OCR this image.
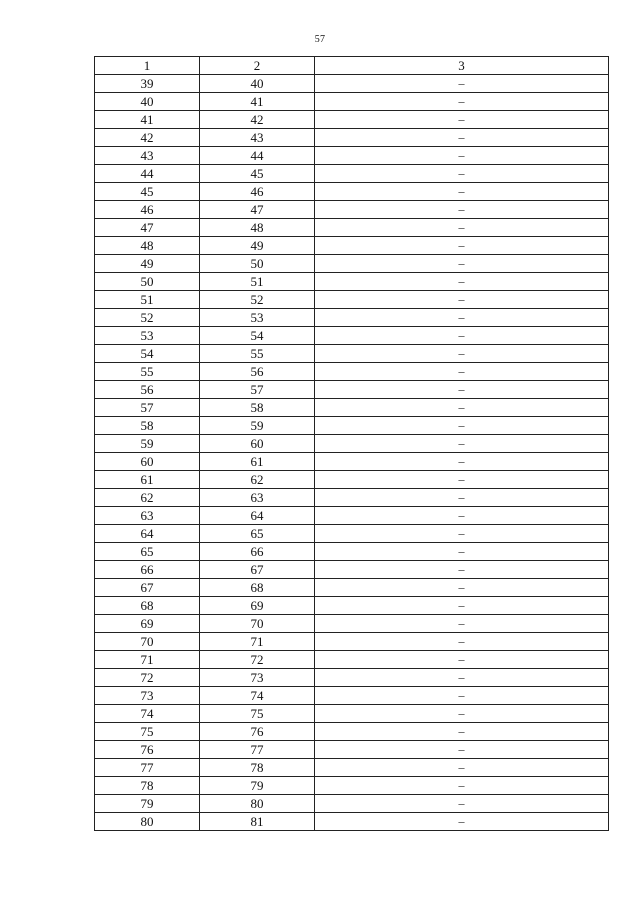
57
1	2	3
39	40	–
40	41	–
41	42	–
42	43	–
43	44	–
44	45	–
45	46	–
46	47	–
47	48	–
48	49	–
49	50	–
50	51	–
51	52	–
52	53	–
53	54	–
54	55	–
55	56	–
56	57	–
57	58	–
58	59	–
59	60	–
60	61	–
61	62	–
62	63	–
63	64	–
64	65	–
65	66	–
66	67	–
67	68	–
68	69	–
69	70	–
70	71	–
71	72	–
72	73	–
73	74	–
74	75	–
75	76	–
76	77	–
77	78	–
78	79	–
79	80	–
80	81	–
